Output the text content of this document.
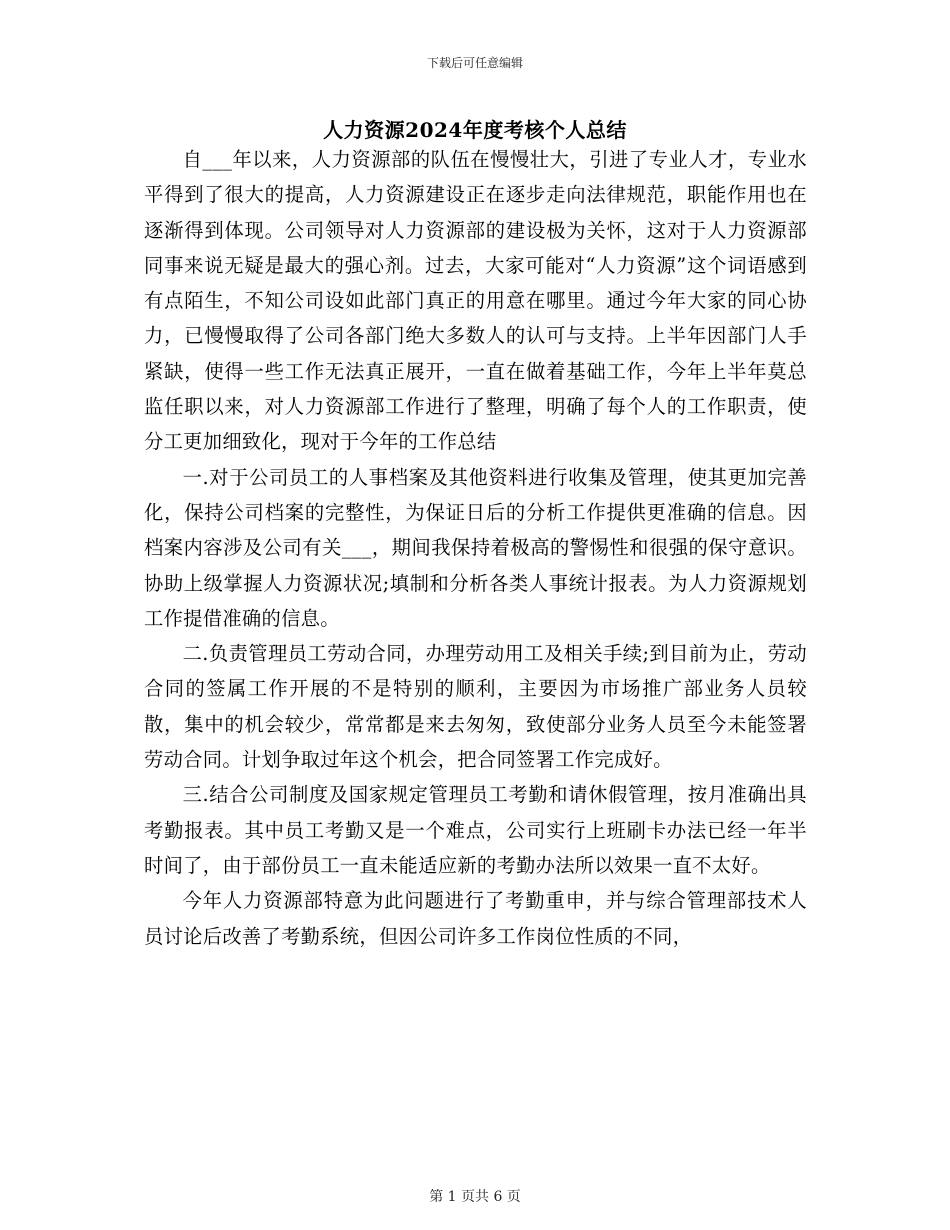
下载后可任意编辑
人力资源2024年度考核个人总结

自___年以来，人力资源部的队伍在慢慢壮大，引进了专业人才，专业水平得到了很大的提高，人力资源建设正在逐步走向法律规范，职能作用也在逐渐得到体现。公司领导对人力资源部的建设极为关怀，这对于人力资源部同事来说无疑是最大的强心剂。过去，大家可能对“人力资源”这个词语感到有点陌生，不知公司设如此部门真正的用意在哪里。通过今年大家的同心协力，已慢慢取得了公司各部门绝大多数人的认可与支持。上半年因部门人手紧缺，使得一些工作无法真正展开，一直在做着基础工作，今年上半年莫总监任职以来，对人力资源部工作进行了整理，明确了每个人的工作职责，使分工更加细致化，现对于今年的工作总结

一.对于公司员工的人事档案及其他资料进行收集及管理，使其更加完善化，保持公司档案的完整性，为保证日后的分析工作提供更准确的信息。因档案内容涉及公司有关___，期间我保持着极高的警惕性和很强的保守意识。协助上级掌握人力资源状况;填制和分析各类人事统计报表。为人力资源规划工作提借准确的信息。

二.负责管理员工劳动合同，办理劳动用工及相关手续;到目前为止，劳动合同的签属工作开展的不是特别的顺利，主要因为市场推广部业务人员较散，集中的机会较少，常常都是来去匆匆，致使部分业务人员至今未能签署劳动合同。计划争取过年这个机会，把合同签署工作完成好。

三.结合公司制度及国家规定管理员工考勤和请休假管理，按月准确出具考勤报表。其中员工考勤又是一个难点，公司实行上班刷卡办法已经一年半时间了，由于部份员工一直未能适应新的考勤办法所以效果一直不太好。

今年人力资源部特意为此问题进行了考勤重申，并与综合管理部技术人员讨论后改善了考勤系统，但因公司许多工作岗位性质的不同，

第 1 页共 6 页
